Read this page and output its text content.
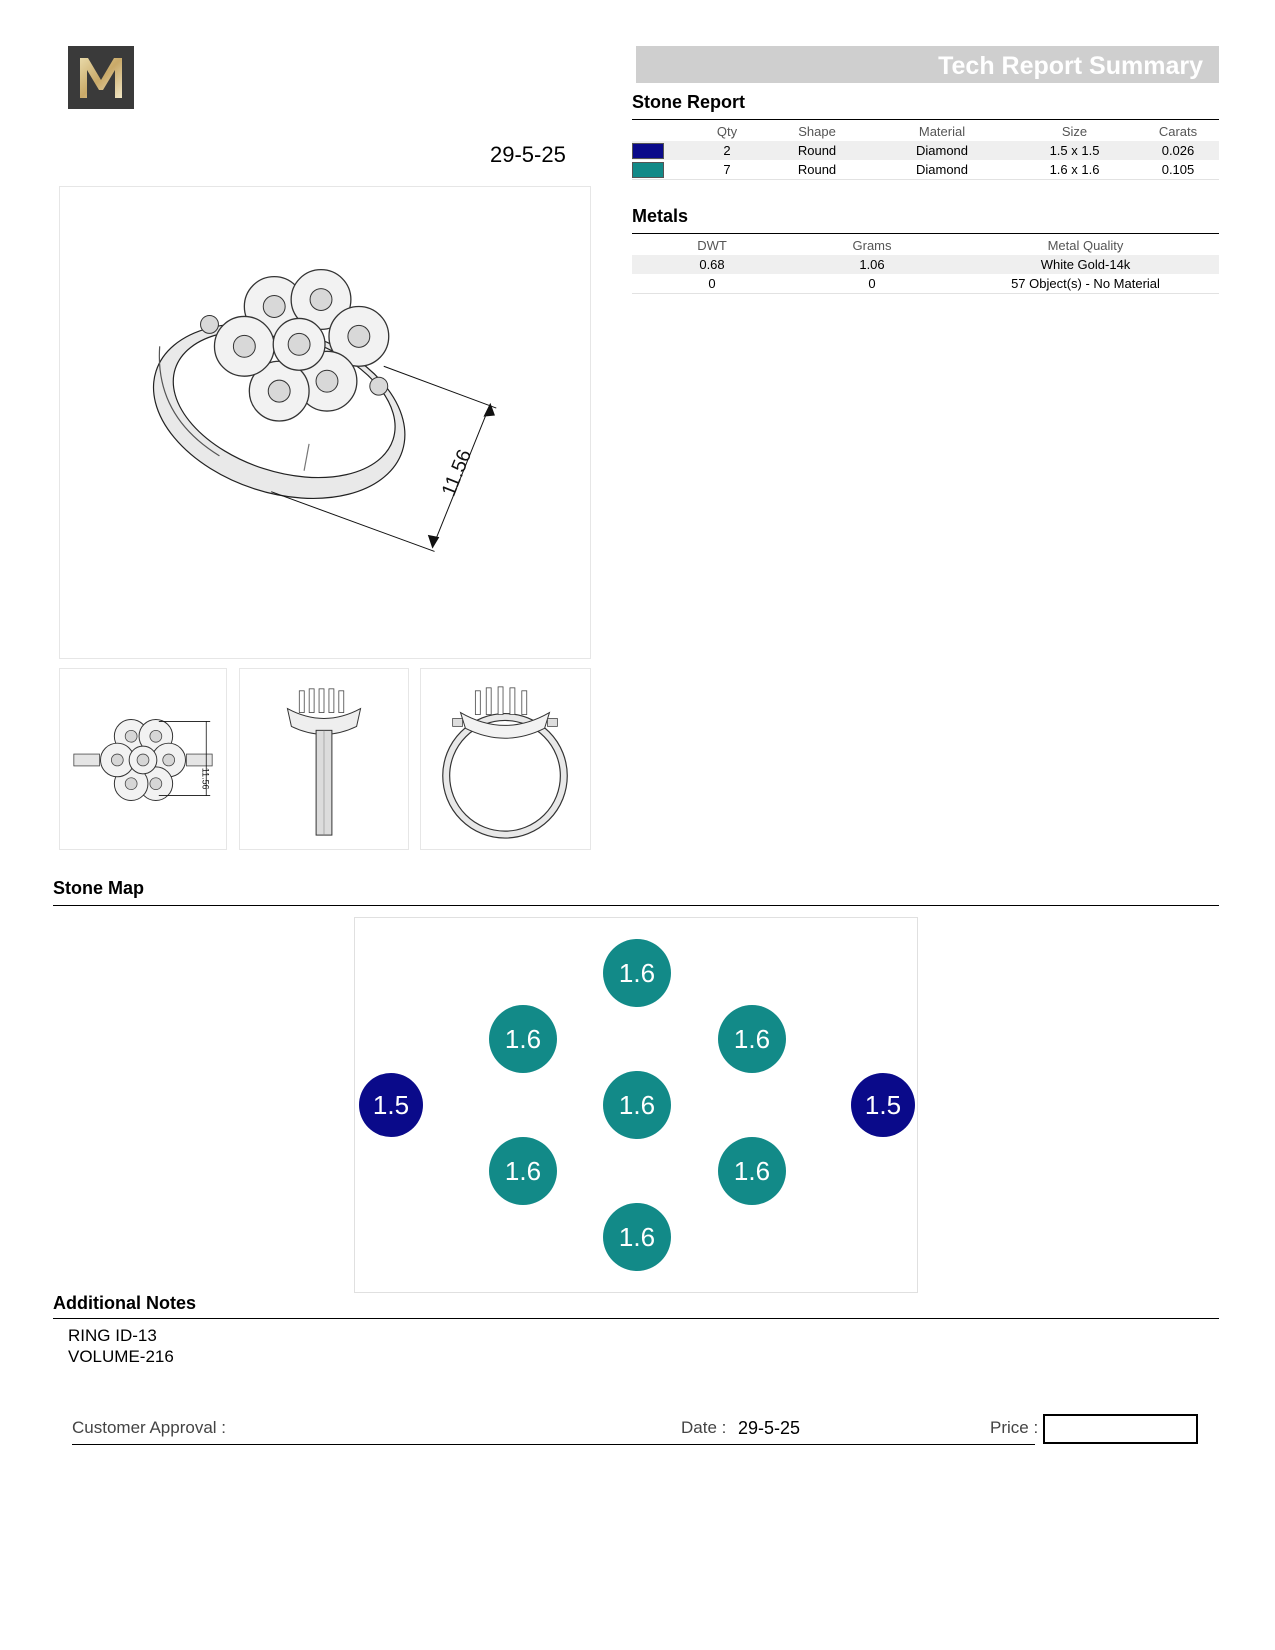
Tech Report Summary
29-5-25
Stone Report
	Qty	Shape	Material	Size	Carats
	2	Round	Diamond	1.5 x 1.5	0.026
	7	Round	Diamond	1.6 x 1.6	0.105
Metals
DWT	Grams	Metal Quality
0.68	1.06	White Gold-14k
0	0	57 Object(s) - No Material
11.56
11.56
Stone Map
1.6
1.6	1.6
1.5	1.6	1.5
1.6	1.6
1.6
Additional Notes
RING ID-13
VOLUME-216
Customer Approval :	Date : 29-5-25	Price :
